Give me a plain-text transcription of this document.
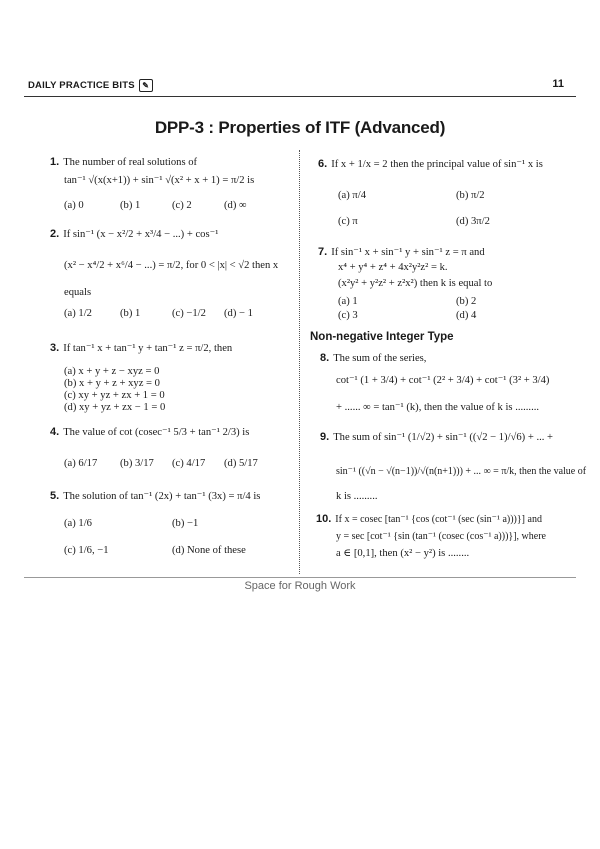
DAILY PRACTICE BITS ✎	11
DPP-3 : Properties of ITF (Advanced)
1. The number of real solutions of
tan⁻¹ √(x(x+1)) + sin⁻¹ √(x² + x + 1) = π/2 is
(a) 0	(b) 1	(c) 2	(d) ∞
2. If sin⁻¹ (x − x²/2 + x³/4 − ...) + cos⁻¹
(x² − x⁴/2 + x⁶/4 − ...) = π/2, for 0 < |x| < √2 then x
equals
(a) 1/2	(b) 1	(c) −1/2 (d) − 1
3. If tan⁻¹ x + tan⁻¹ y + tan⁻¹ z = π/2, then
(a) x + y + z − xyz = 0
(b) x + y + z + xyz = 0
(c) xy + yz + zx + 1 = 0
(d) xy + yz + zx − 1 = 0
4. The value of cot (cosec⁻¹ 5/3 + tan⁻¹ 2/3) is
(a) 6/17 (b) 3/17 (c) 4/17 (d) 5/17
5. The solution of tan⁻¹ (2x) + tan⁻¹ (3x) = π/4 is
(a) 1/6	(b) −1
(c) 1/6, −1	(d) None of these
6. If x + 1/x = 2 then the principal value of sin⁻¹ x is
(a) π/4	(b) π/2
(c) π	(d) 3π/2
7. If sin⁻¹ x + sin⁻¹ y + sin⁻¹ z = π and
x⁴ + y⁴ + z⁴ + 4x²y²z² = k.
(x²y² + y²z² + z²x²) then k is equal to
(a) 1	(b) 2
(c) 3	(d) 4
Non-negative Integer Type
8. The sum of the series,
cot⁻¹ (1 + 3/4) + cot⁻¹ (2² + 3/4) + cot⁻¹ (3² + 3/4)
+ ...... ∞ = tan⁻¹ (k), then the value of k is .........
9. The sum of sin⁻¹ (1/√2) + sin⁻¹ ((√2 − 1)/√6) + ... +
sin⁻¹ ((√n − √(n−1))/√(n(n+1))) + ... ∞ = π/k, then the value of
k is .........
10. If x = cosec [tan⁻¹ {cos (cot⁻¹ (sec (sin⁻¹ a)))}] and
y = sec [cot⁻¹ {sin (tan⁻¹ (cosec (cos⁻¹ a)))}], where
a ∈ [0,1], then (x² − y²) is ........
Space for Rough Work
